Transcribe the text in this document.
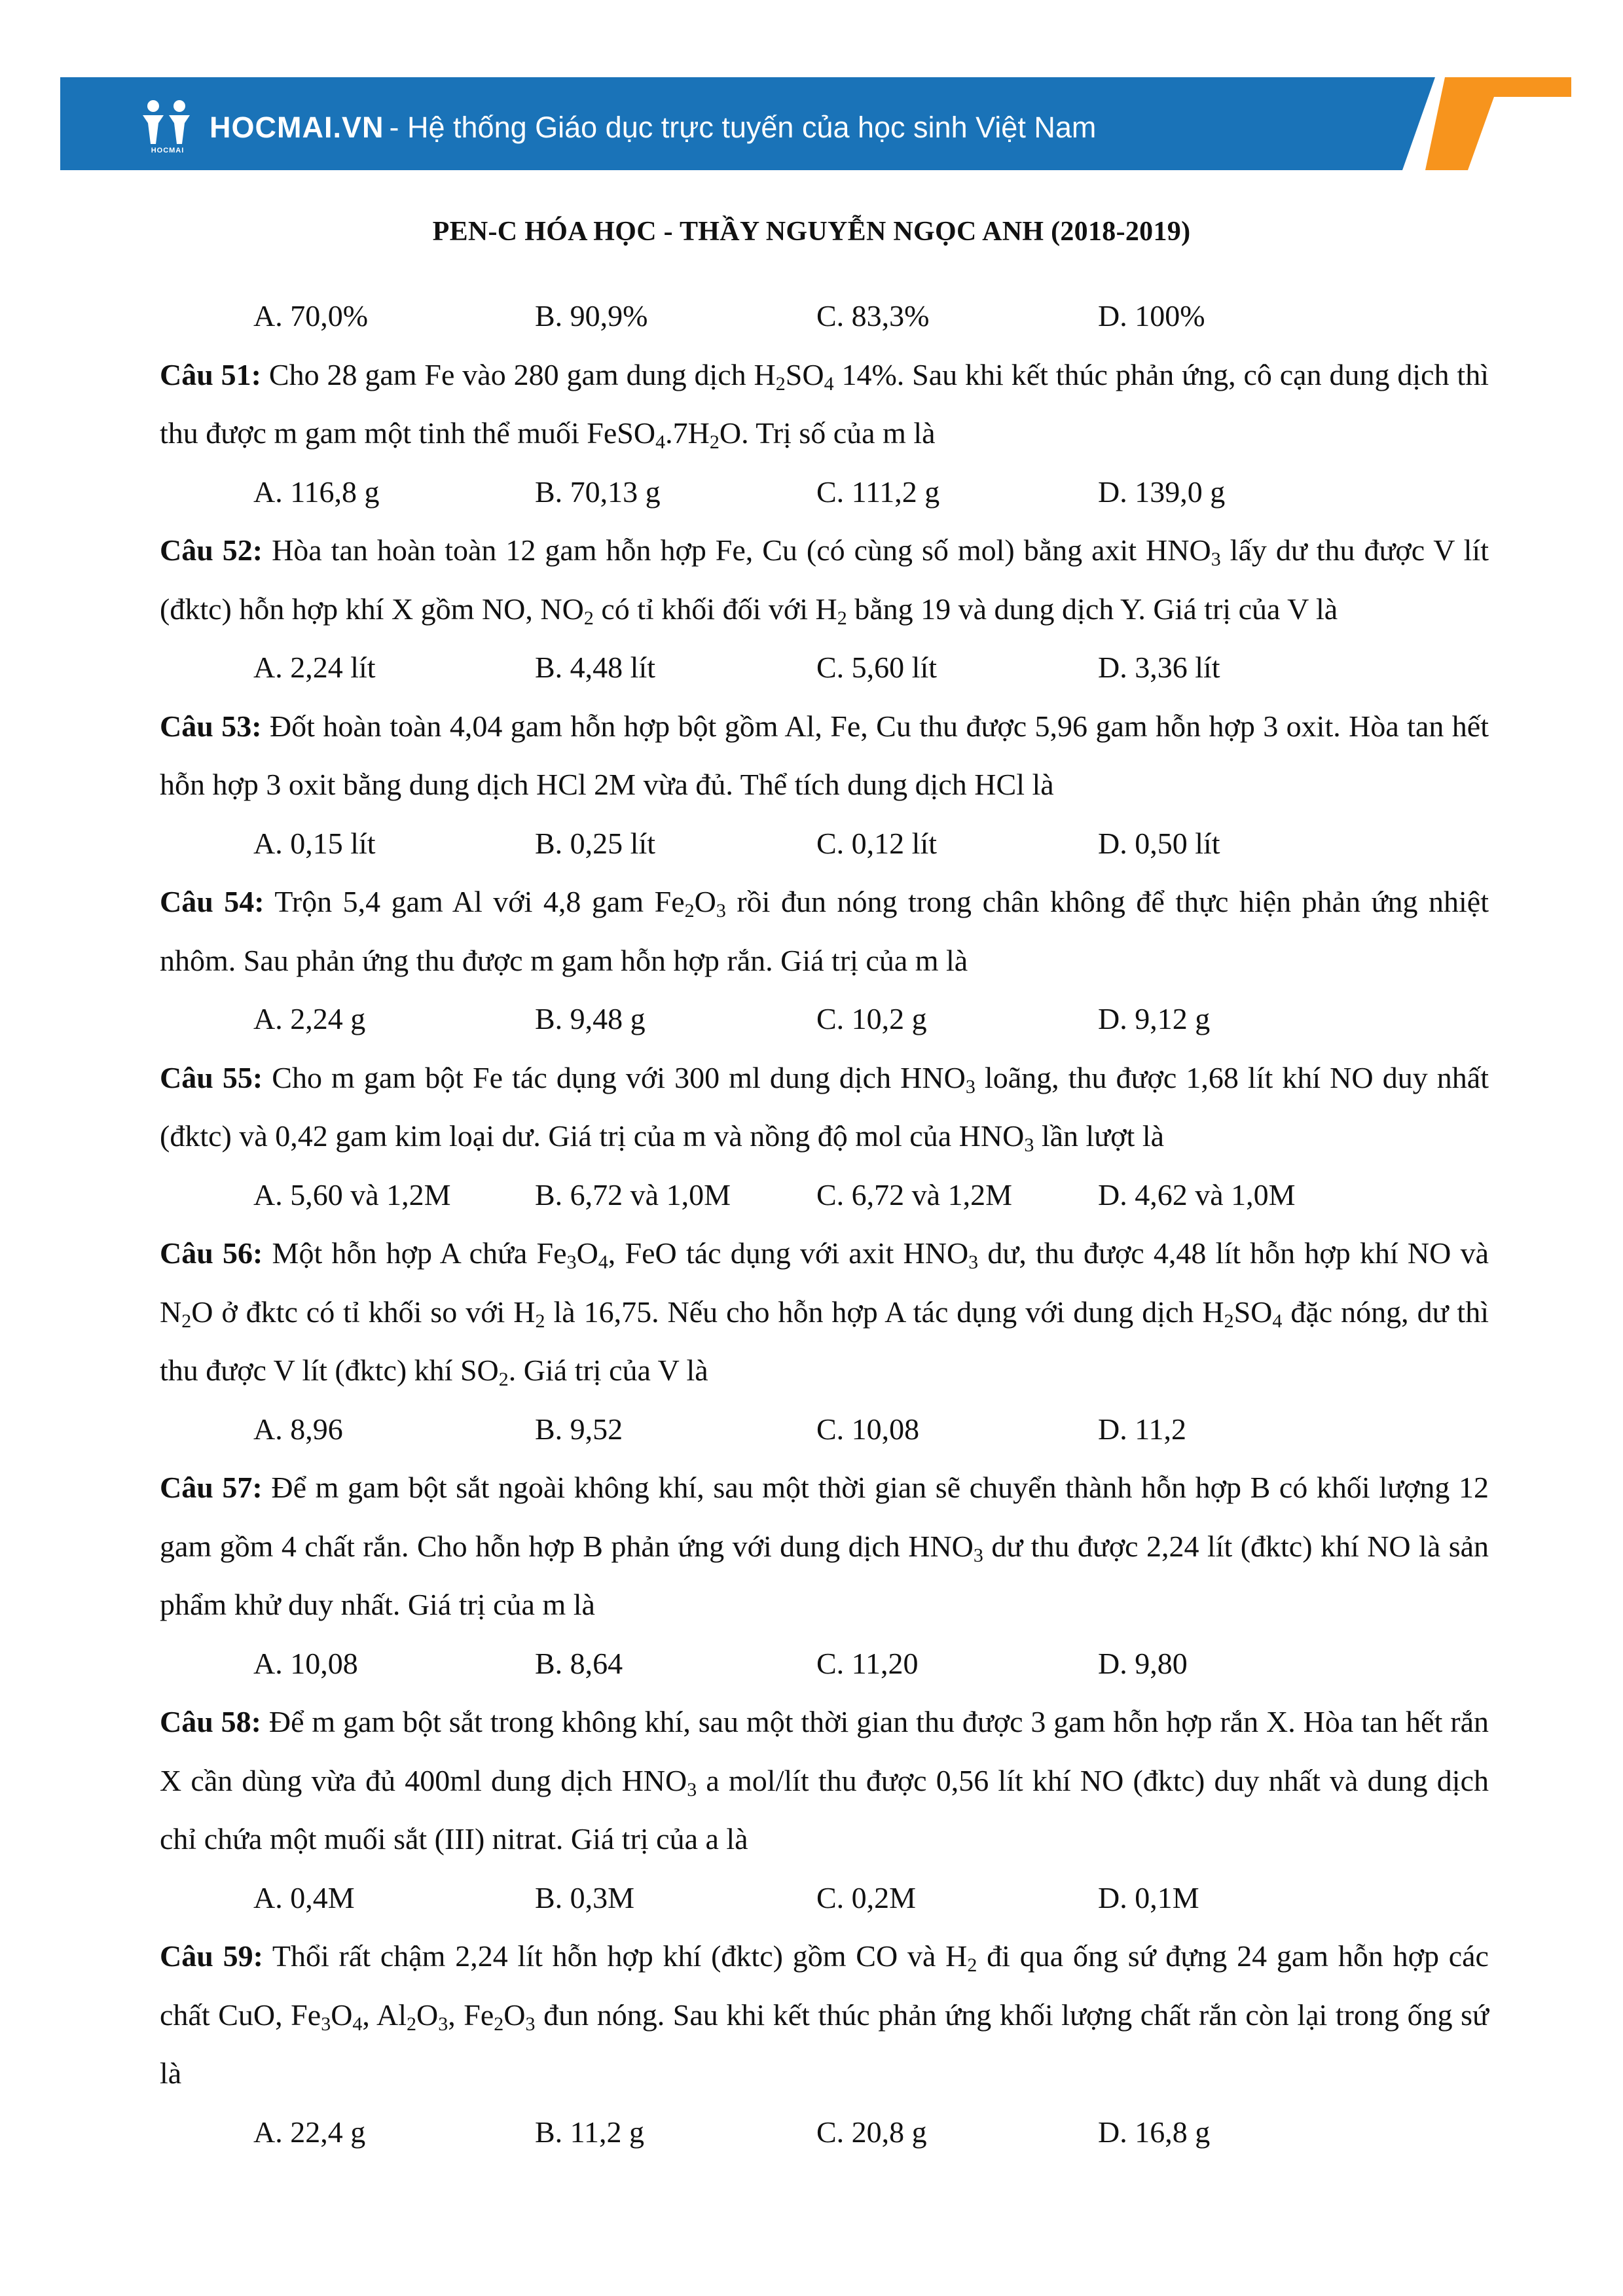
HOCMAI
HOCMAI.VN - Hệ thống Giáo dục trực tuyến của học sinh Việt Nam
PEN-C HÓA HỌC - THẦY NGUYỄN NGỌC ANH (2018-2019)
A. 70,0%	B. 90,9%	C. 83,3%	D. 100%

Câu 51: Cho 28 gam Fe vào 280 gam dung dịch $H_2SO_4$ 14%. Sau khi kết thúc phản ứng, cô cạn dung dịch thì thu được m gam một tinh thể muối $FeSO_4.7H_2O$. Trị số của m là

A. 116,8 g	B. 70,13 g	C. 111,2 g	D. 139,0 g

Câu 52: Hòa tan hoàn toàn 12 gam hỗn hợp Fe, Cu (có cùng số mol) bằng axit $HNO_3$ lấy dư thu được V lít (đktc) hỗn hợp khí X gồm NO, $NO_2$ có tỉ khối đối với $H_2$ bằng 19 và dung dịch Y. Giá trị của V là

A. 2,24 lít	B. 4,48 lít	C. 5,60 lít	D. 3,36 lít

Câu 53: Đốt hoàn toàn 4,04 gam hỗn hợp bột gồm Al, Fe, Cu thu được 5,96 gam hỗn hợp 3 oxit. Hòa tan hết hỗn hợp 3 oxit bằng dung dịch HCl 2M vừa đủ. Thể tích dung dịch HCl là

A. 0,15 lít	B. 0,25 lít	C. 0,12 lít	D. 0,50 lít

Câu 54: Trộn 5,4 gam Al với 4,8 gam $Fe_2O_3$ rồi đun nóng trong chân không để thực hiện phản ứng nhiệt nhôm. Sau phản ứng thu được m gam hỗn hợp rắn. Giá trị của m là

A. 2,24 g	B. 9,48 g	C. 10,2 g	D. 9,12 g

Câu 55: Cho m gam bột Fe tác dụng với 300 ml dung dịch $HNO_3$ loãng, thu được 1,68 lít khí NO duy nhất (đktc) và 0,42 gam kim loại dư. Giá trị của m và nồng độ mol của $HNO_3$ lần lượt là

A. 5,60 và 1,2M	B. 6,72 và 1,0M	C. 6,72 và 1,2M	D. 4,62 và 1,0M

Câu 56: Một hỗn hợp A chứa $Fe_3O_4$, FeO tác dụng với axit $HNO_3$ dư, thu được 4,48 lít hỗn hợp khí NO và $N_2O$ ở đktc có tỉ khối so với $H_2$ là 16,75. Nếu cho hỗn hợp A tác dụng với dung dịch $H_2SO_4$ đặc nóng, dư thì thu được V lít (đktc) khí $SO_2$. Giá trị của V là

A. 8,96	B. 9,52	C. 10,08	D. 11,2

Câu 57: Để m gam bột sắt ngoài không khí, sau một thời gian sẽ chuyển thành hỗn hợp B có khối lượng 12 gam gồm 4 chất rắn. Cho hỗn hợp B phản ứng với dung dịch $HNO_3$ dư thu được 2,24 lít (đktc) khí NO là sản phẩm khử duy nhất. Giá trị của m là

A. 10,08	B. 8,64	C. 11,20	D. 9,80

Câu 58: Để m gam bột sắt trong không khí, sau một thời gian thu được 3 gam hỗn hợp rắn X. Hòa tan hết rắn X cần dùng vừa đủ 400ml dung dịch $HNO_3$ a mol/lít thu được 0,56 lít khí NO (đktc) duy nhất và dung dịch chỉ chứa một muối sắt (III) nitrat. Giá trị của a là

A. 0,4M	B. 0,3M	C. 0,2M	D. 0,1M

Câu 59: Thổi rất chậm 2,24 lít hỗn hợp khí (đktc) gồm CO và $H_2$ đi qua ống sứ đựng 24 gam hỗn hợp các chất CuO, $Fe_3O_4$, $Al_2O_3$, $Fe_2O_3$ đun nóng. Sau khi kết thúc phản ứng khối lượng chất rắn còn lại trong ống sứ là

A. 22,4 g	B. 11,2 g	C. 20,8 g	D. 16,8 g
